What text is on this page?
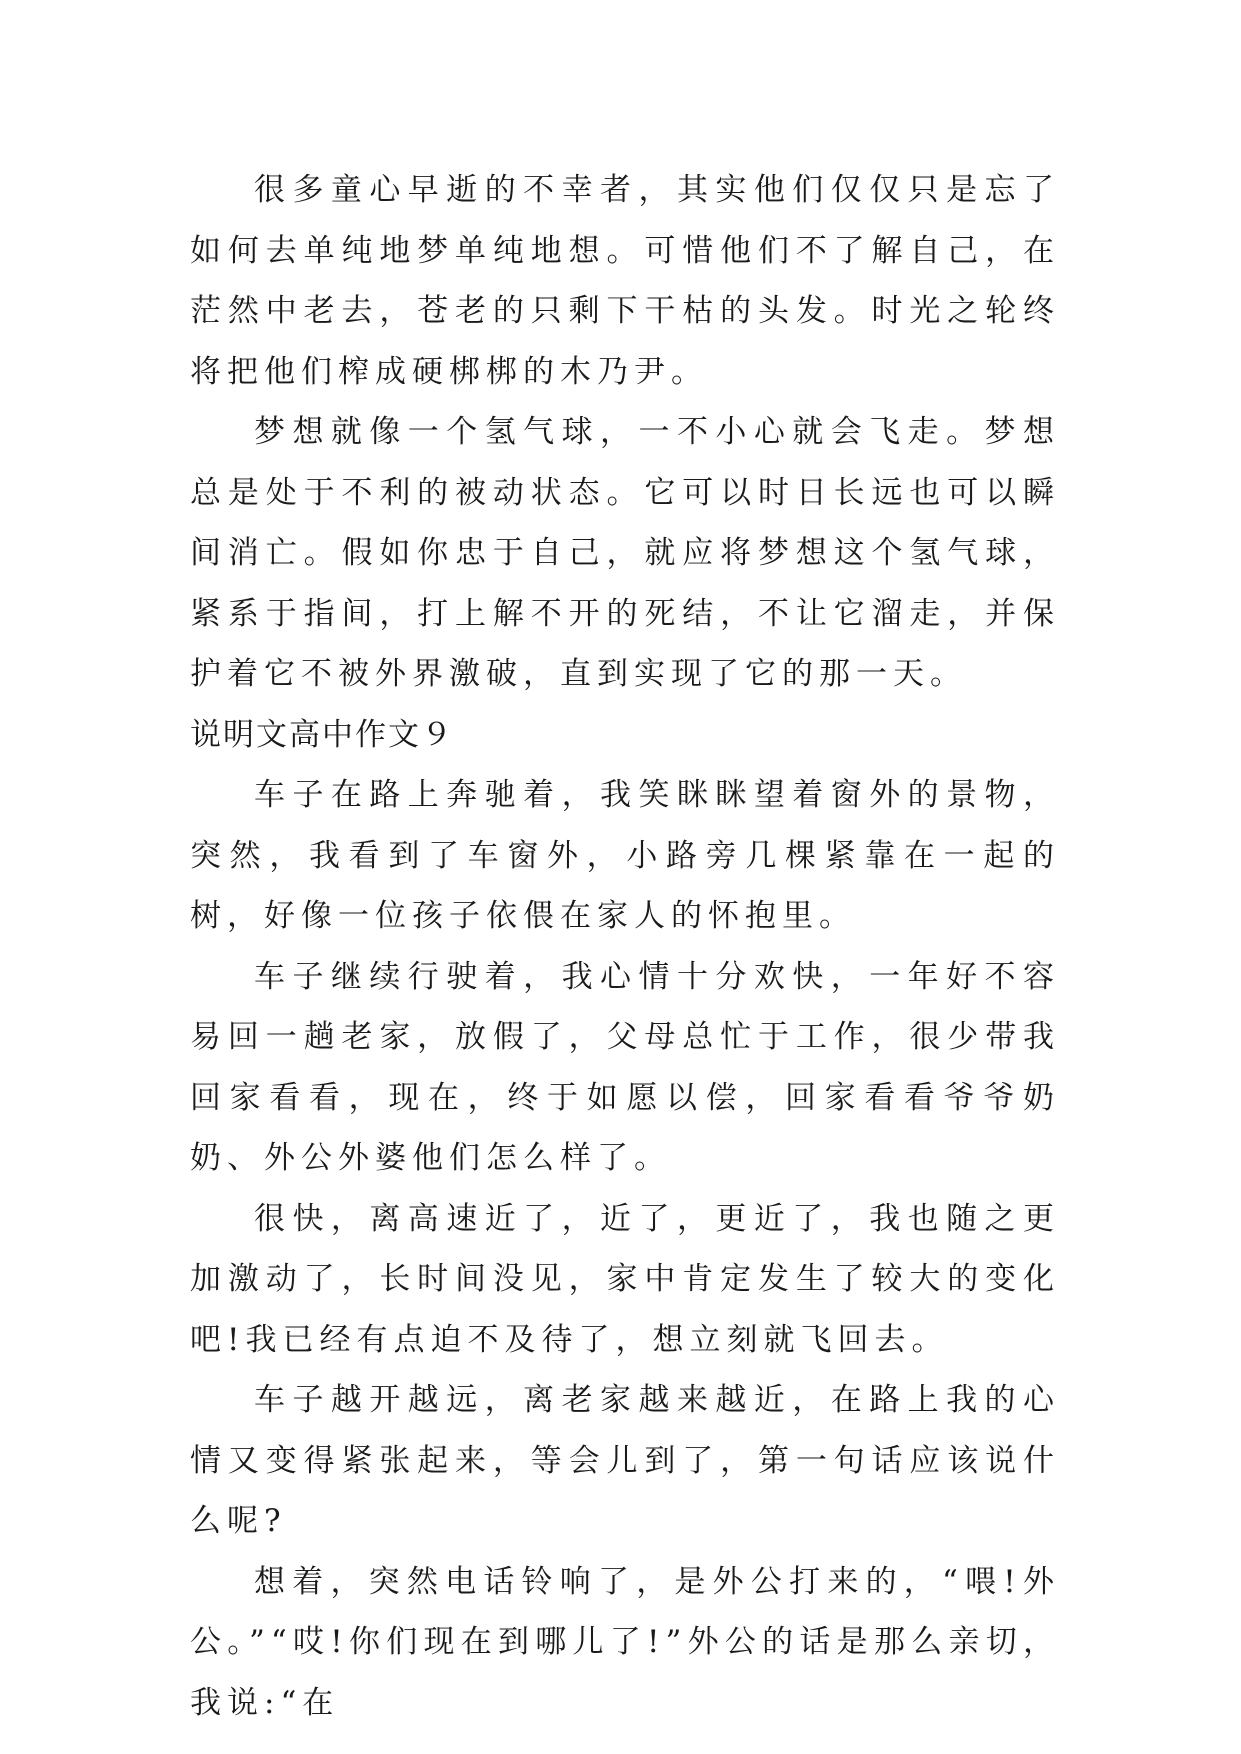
很多童心早逝的不幸者，其实他们仅仅只是忘了如何去单纯地梦单纯地想。可惜他们不了解自己，在茫然中老去，苍老的只剩下干枯的头发。时光之轮终将把他们榨成硬梆梆的木乃尹。

梦想就像一个氢气球，一不小心就会飞走。梦想总是处于不利的被动状态。它可以时日长远也可以瞬间消亡。假如你忠于自己，就应将梦想这个氢气球，紧系于指间，打上解不开的死结，不让它溜走，并保护着它不被外界激破，直到实现了它的那一天。

说明文高中作文９

车子在路上奔驰着，我笑眯眯望着窗外的景物，突然，我看到了车窗外，小路旁几棵紧靠在一起的树，好像一位孩子依偎在家人的怀抱里。

车子继续行驶着，我心情十分欢快，一年好不容易回一趟老家，放假了，父母总忙于工作，很少带我回家看看，现在，终于如愿以偿，回家看看爷爷奶奶、外公外婆他们怎么样了。

很快，离高速近了，近了，更近了，我也随之更加激动了，长时间没见，家中肯定发生了较大的变化吧!我已经有点迫不及待了，想立刻就飞回去。

车子越开越远，离老家越来越近，在路上我的心情又变得紧张起来，等会儿到了，第一句话应该说什么呢?

想着，突然电话铃响了，是外公打来的，“喂!外公。”“哎!你们现在到哪儿了!”外公的话是那么亲切，我说:“在
